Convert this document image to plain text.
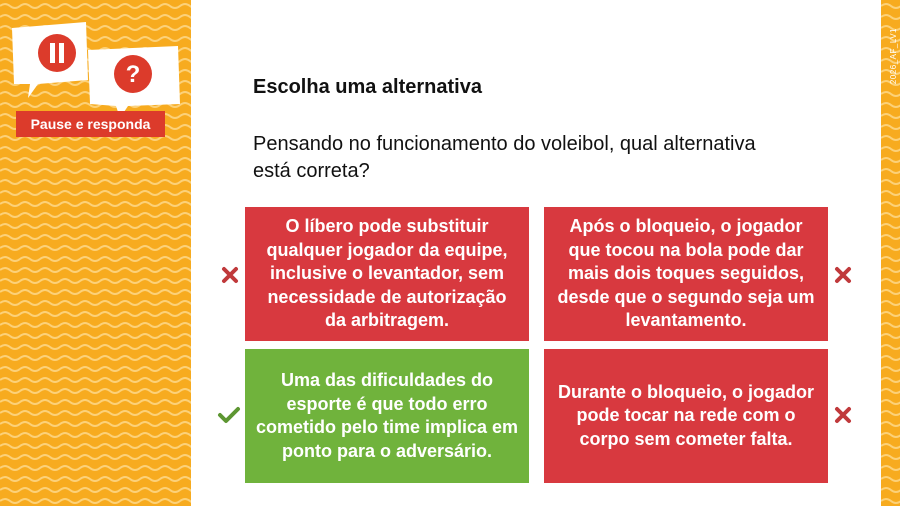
?
Pause e responda
2026_AF_LV1
Escolha uma alternativa
Pensando no funcionamento do voleibol, qual alternativa está correta?
O líbero pode substituir qualquer jogador da equipe, inclusive o levantador, sem necessidade de autorização da arbitragem.
Após o bloqueio, o jogador que tocou na bola pode dar mais dois toques seguidos, desde que o segundo seja um levantamento.
Uma das dificuldades do esporte é que todo erro cometido pelo time implica em ponto para o adversário.
Durante o bloqueio, o jogador pode tocar na rede com o corpo sem cometer falta.
